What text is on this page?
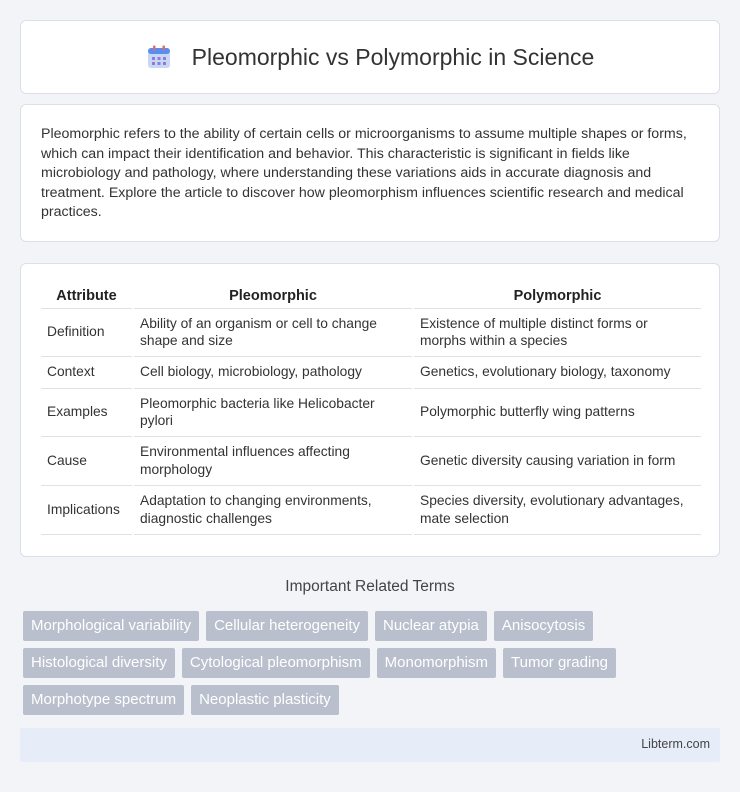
Pleomorphic vs Polymorphic in Science

Pleomorphic refers to the ability of certain cells or microorganisms to assume multiple shapes or forms, which can impact their identification and behavior. This characteristic is significant in fields like microbiology and pathology, where understanding these variations aids in accurate diagnosis and treatment. Explore the article to discover how pleomorphism influences scientific research and medical practices.

Attribute	Pleomorphic	Polymorphic
Definition	Ability of an organism or cell to change shape and size	Existence of multiple distinct forms or morphs within a species
Context	Cell biology, microbiology, pathology	Genetics, evolutionary biology, taxonomy
Examples	Pleomorphic bacteria like Helicobacter pylori	Polymorphic butterfly wing patterns
Cause	Environmental influences affecting morphology	Genetic diversity causing variation in form
Implications	Adaptation to changing environments, diagnostic challenges	Species diversity, evolutionary advantages, mate selection
Important Related Terms
Morphological variability	Cellular heterogeneity	Nuclear atypia	Anisocytosis
Histological diversity	Cytological pleomorphism	Monomorphism	Tumor grading
Morphotype spectrum	Neoplastic plasticity
Libterm.com
